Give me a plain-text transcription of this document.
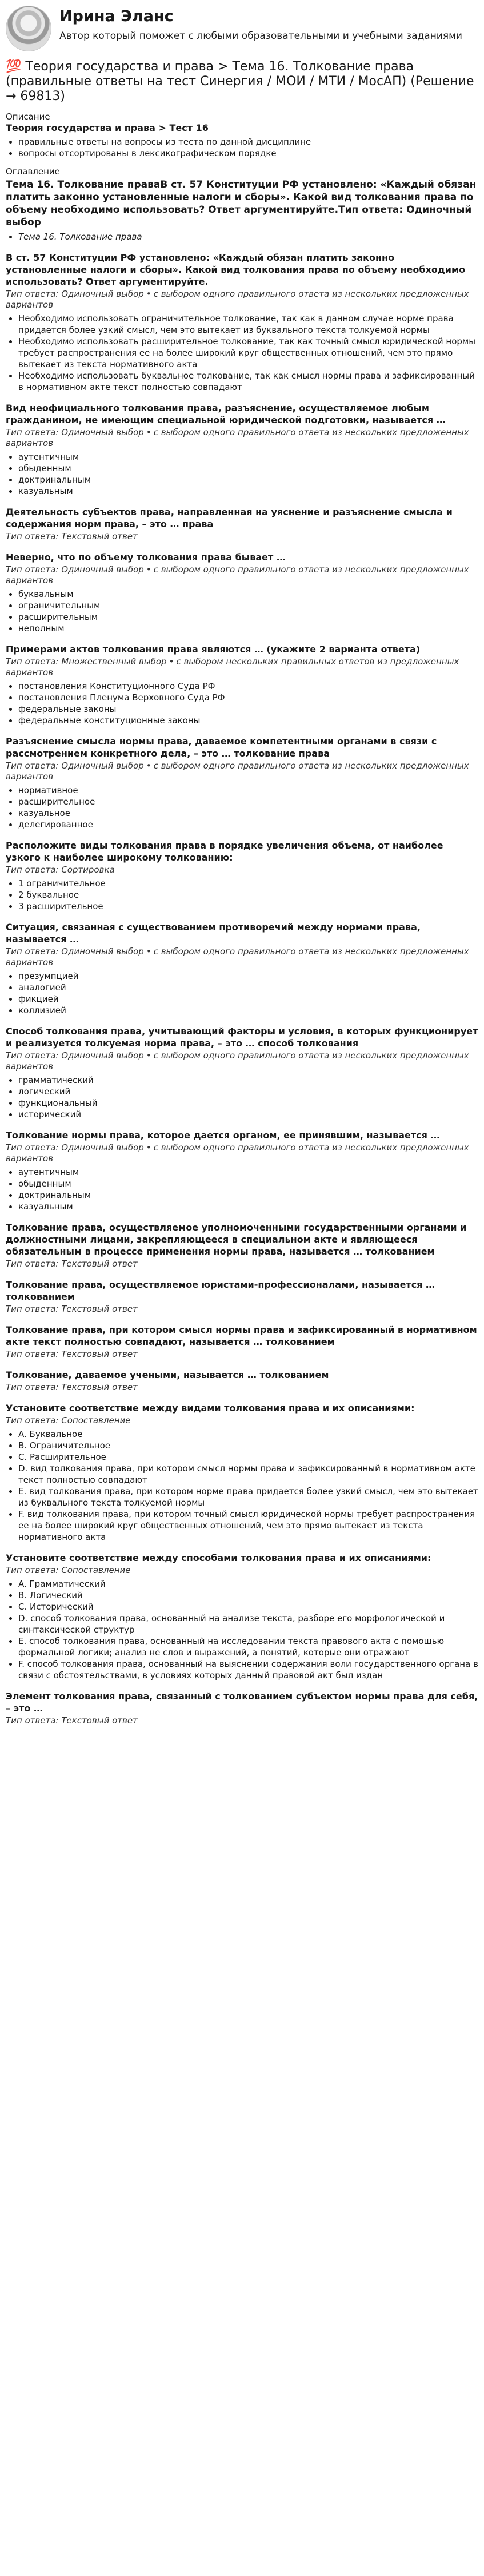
Ирина Эланс
Автор который поможет с любыми образовательными и учебными заданиями
💯 Теория государства и права > Тема 16. Толкование права (правильные ответы на тест Синергия / МОИ / МТИ / МосАП) (Решение → 69813)
Описание
Теория государства и права > Тест 16
• правильные ответы на вопросы из теста по данной дисциплине
• вопросы отсортированы в лексикографическом порядке
Оглавление
Тема 16. Толкование праваВ ст. 57 Конституции РФ установлено: «Каждый обязан платить законно установленные налоги и сборы». Какой вид толкования права по объему необходимо использовать? Ответ аргументируйте.Тип ответа: Одиночный выбор
• Тема 16. Толкование права
В ст. 57 Конституции РФ установлено: «Каждый обязан платить законно установленные налоги и сборы». Какой вид толкования права по объему необходимо использовать? Ответ аргументируйте.
Тип ответа: Одиночный выбор • с выбором одного правильного ответа из нескольких предложенных вариантов
• Необходимо использовать ограничительное толкование, так как в данном случае норме права придается более узкий смысл, чем это вытекает из буквального текста толкуемой нормы
• Необходимо использовать расширительное толкование, так как точный смысл юридической нормы требует распространения ее на более широкий круг общественных отношений, чем это прямо вытекает из текста нормативного акта
• Необходимо использовать буквальное толкование, так как смысл нормы права и зафиксированный в нормативном акте текст полностью совпадают
Вид неофициального толкования права, разъяснение, осуществляемое любым гражданином, не имеющим специальной юридической подготовки, называется …
Тип ответа: Одиночный выбор • с выбором одного правильного ответа из нескольких предложенных вариантов
• аутентичным
• обыденным
• доктринальным
• казуальным
Деятельность субъектов права, направленная на уяснение и разъяснение смысла и содержания норм права, – это … права
Тип ответа: Текстовый ответ
Неверно, что по объему толкования права бывает …
Тип ответа: Одиночный выбор • с выбором одного правильного ответа из нескольких предложенных вариантов
• буквальным
• ограничительным
• расширительным
• неполным
Примерами актов толкования права являются … (укажите 2 варианта ответа)
Тип ответа: Множественный выбор • с выбором нескольких правильных ответов из предложенных вариантов
• постановления Конституционного Суда РФ
• постановления Пленума Верховного Суда РФ
• федеральные законы
• федеральные конституционные законы
Разъяснение смысла нормы права, даваемое компетентными органами в связи с рассмотрением конкретного дела, – это … толкование права
Тип ответа: Одиночный выбор • с выбором одного правильного ответа из нескольких предложенных вариантов
• нормативное
• расширительное
• казуальное
• делегированное
Расположите виды толкования права в порядке увеличения объема, от наиболее узкого к наиболее широкому толкованию:
Тип ответа: Сортировка
• 1 ограничительное
• 2 буквальное
• 3 расширительное
Ситуация, связанная с существованием противоречий между нормами права, называется …
Тип ответа: Одиночный выбор • с выбором одного правильного ответа из нескольких предложенных вариантов
• презумпцией
• аналогией
• фикцией
• коллизией
Способ толкования права, учитывающий факторы и условия, в которых функционирует и реализуется толкуемая норма права, – это … способ толкования
Тип ответа: Одиночный выбор • с выбором одного правильного ответа из нескольких предложенных вариантов
• грамматический
• логический
• функциональный
• исторический
Толкование нормы права, которое дается органом, ее принявшим, называется …
Тип ответа: Одиночный выбор • с выбором одного правильного ответа из нескольких предложенных вариантов
• аутентичным
• обыденным
• доктринальным
• казуальным
Толкование права, осуществляемое уполномоченными государственными органами и должностными лицами, закрепляющееся в специальном акте и являющееся обязательным в процессе применения нормы права, называется … толкованием
Тип ответа: Текстовый ответ
Толкование права, осуществляемое юристами-профессионалами, называется … толкованием
Тип ответа: Текстовый ответ
Толкование права, при котором смысл нормы права и зафиксированный в нормативном акте текст полностью совпадают, называется … толкованием
Тип ответа: Текстовый ответ
Толкование, даваемое учеными, называется … толкованием
Тип ответа: Текстовый ответ
Установите соответствие между видами толкования права и их описаниями:
Тип ответа: Сопоставление
• A. Буквальное
• B. Ограничительное
• C. Расширительное
• D. вид толкования права, при котором смысл нормы права и зафиксированный в нормативном акте текст полностью совпадают
• E. вид толкования права, при котором норме права придается более узкий смысл, чем это вытекает из буквального текста толкуемой нормы
• F. вид толкования права, при котором точный смысл юридической нормы требует распространения ее на более широкий круг общественных отношений, чем это прямо вытекает из текста нормативного акта
Установите соответствие между способами толкования права и их описаниями:
Тип ответа: Сопоставление
• A. Грамматический
• B. Логический
• C. Исторический
• D. способ толкования права, основанный на анализе текста, разборе его морфологической и синтаксической структур
• E. способ толкования права, основанный на исследовании текста правового акта с помощью формальной логики; анализ не слов и выражений, а понятий, которые они отражают
• F. способ толкования права, основанный на выяснении содержания воли государственного органа в связи с обстоятельствами, в условиях которых данный правовой акт был издан
Элемент толкования права, связанный с толкованием субъектом нормы права для себя, – это …
Тип ответа: Текстовый ответ
